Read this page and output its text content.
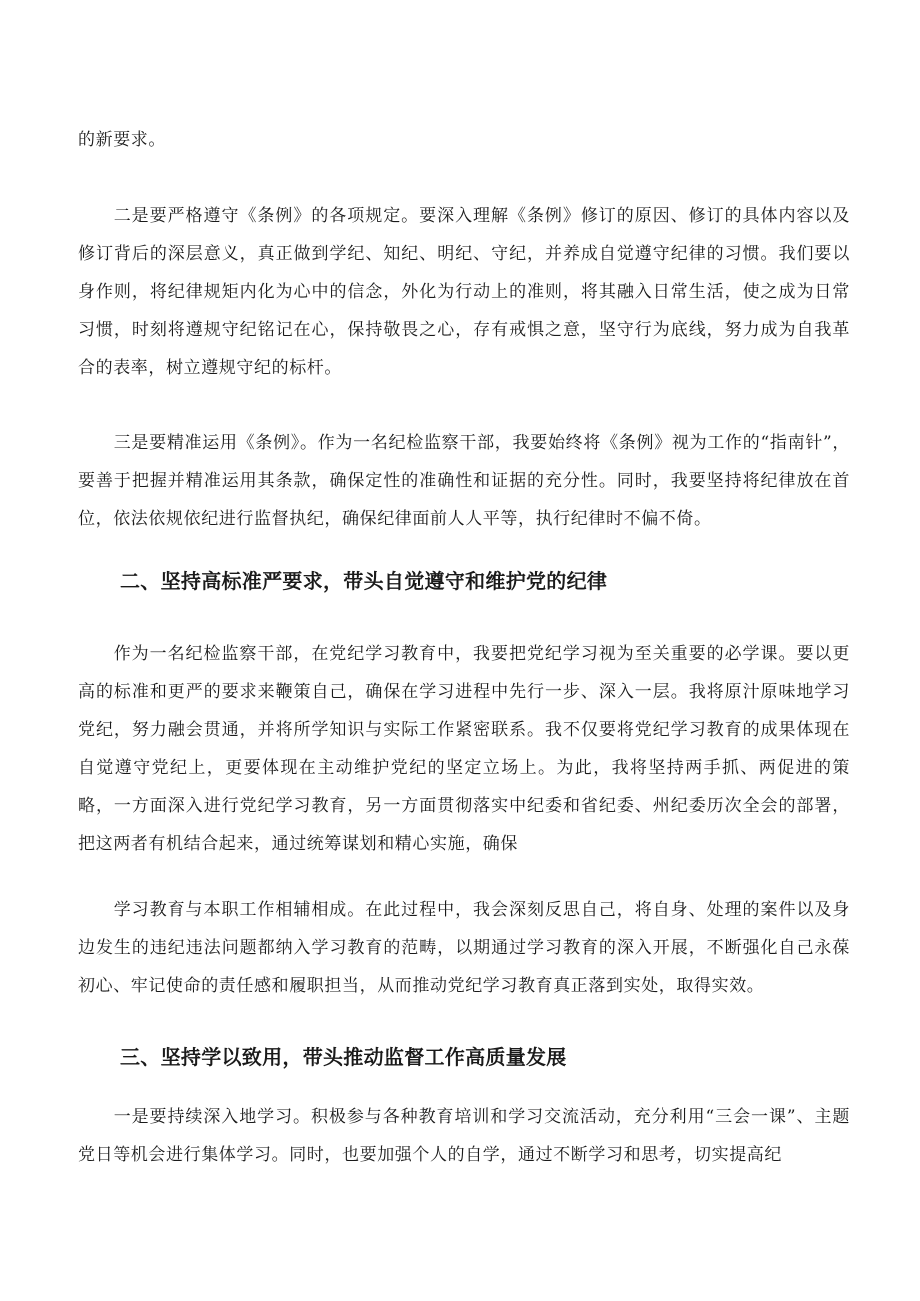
的新要求。

二是要严格遵守《条例》的各项规定。要深入理解《条例》修订的原因、修订的具体内容以及修订背后的深层意义，真正做到学纪、知纪、明纪、守纪，并养成自觉遵守纪律的习惯。我们要以身作则，将纪律规矩内化为心中的信念，外化为行动上的准则，将其融入日常生活，使之成为日常习惯，时刻将遵规守纪铭记在心，保持敬畏之心，存有戒惧之意，坚守行为底线，努力成为自我革合的表率，树立遵规守纪的标杆。

三是要精准运用《条例》。作为一名纪检监察干部，我要始终将《条例》视为工作的“指南针”，要善于把握并精准运用其条款，确保定性的准确性和证据的充分性。同时，我要坚持将纪律放在首位，依法依规依纪进行监督执纪，确保纪律面前人人平等，执行纪律时不偏不倚。

二、坚持高标准严要求，带头自觉遵守和维护党的纪律

作为一名纪检监察干部，在党纪学习教育中，我要把党纪学习视为至关重要的必学课。要以更高的标准和更严的要求来鞭策自己，确保在学习进程中先行一步、深入一层。我将原汁原味地学习党纪，努力融会贯通，并将所学知识与实际工作紧密联系。我不仅要将党纪学习教育的成果体现在自觉遵守党纪上，更要体现在主动维护党纪的坚定立场上。为此，我将坚持两手抓、两促进的策略，一方面深入进行党纪学习教育，另一方面贯彻落实中纪委和省纪委、州纪委历次全会的部署，把这两者有机结合起来，通过统筹谋划和精心实施，确保

学习教育与本职工作相辅相成。在此过程中，我会深刻反思自己，将自身、处理的案件以及身边发生的违纪违法问题都纳入学习教育的范畴，以期通过学习教育的深入开展，不断强化自己永葆初心、牢记使命的责任感和履职担当，从而推动党纪学习教育真正落到实处，取得实效。

三、坚持学以致用，带头推动监督工作高质量发展

一是要持续深入地学习。积极参与各种教育培训和学习交流活动，充分利用“三会一课”、主题党日等机会进行集体学习。同时，也要加强个人的自学，通过不断学习和思考，切实提高纪
